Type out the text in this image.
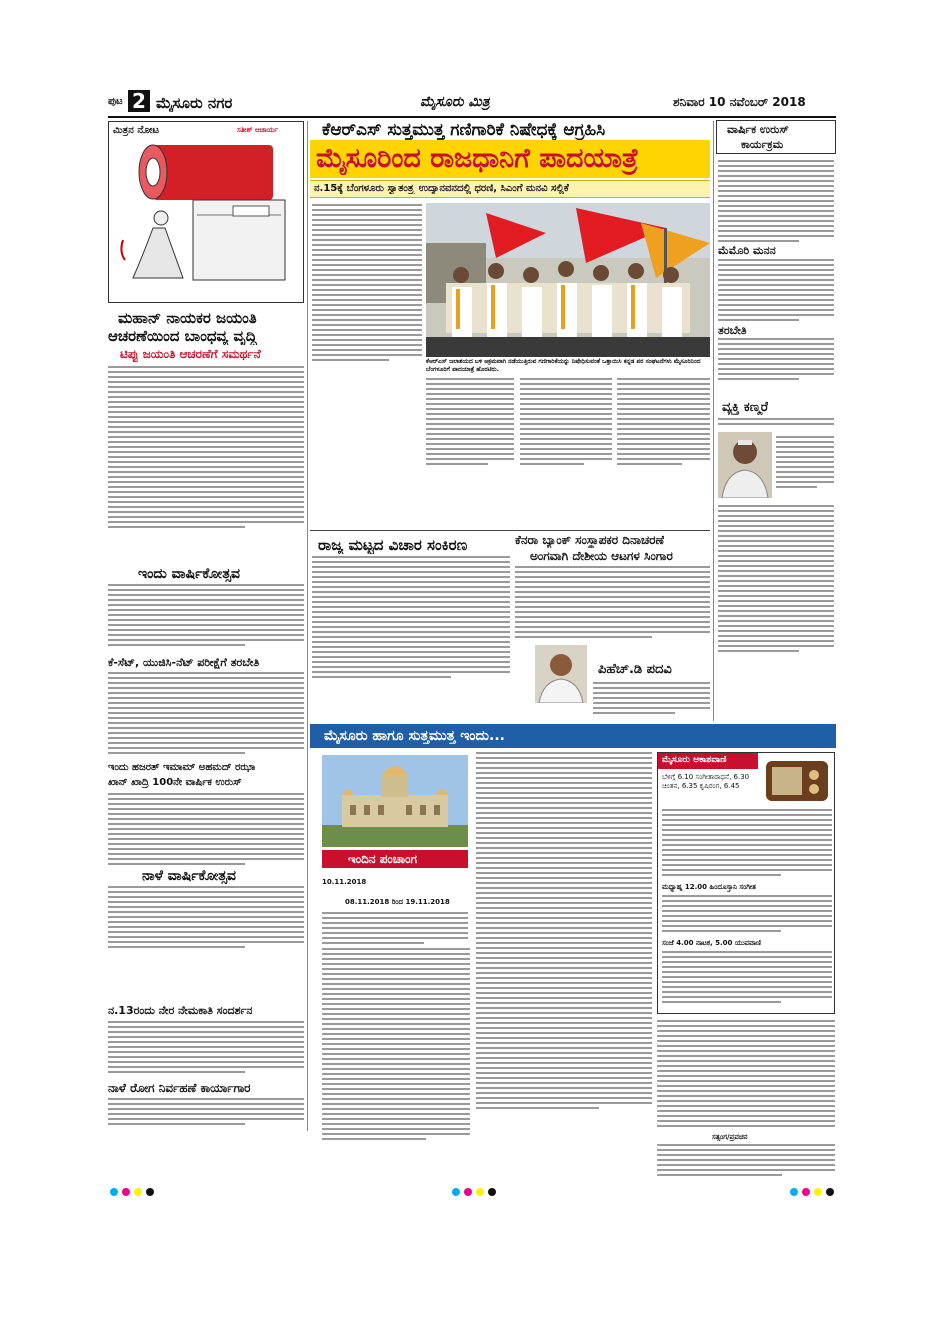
ಪುಟ 2 ಮೈಸೂರು ನಗರ	ಮೈಸೂರು ಮಿತ್ರ	ಶನಿವಾರ 10 ನವೆಂಬರ್ 2018
ಮಿತ್ರನ ನೋಟ	ಸತೀಶ್ ಆಚಾರ್ಯ
ಮಹಾನ್ ನಾಯಕರ ಜಯಂತಿ
ಆಚರಣೆಯಿಂದ ಬಾಂಧವ್ಯ ವೃದ್ಧಿ
ಟಿಪ್ಪು ಜಯಂತಿ ಆಚರಣೆಗೆ ಸಮರ್ಥನೆ
ಇಂದು ವಾರ್ಷಿಕೋತ್ಸವ
ಕೆ-ಸೆಟ್, ಯುಜಿಸಿ-ನೆಟ್ ಪರೀಕ್ಷೆಗೆ ತರಬೇತಿ
ಇಂದು ಹಜರತ್ ಇಮಾಮ್ ಅಹಮದ್ ರಝಾ
ಖಾನ್ ಖಾದ್ರಿ 100ನೇ ವಾರ್ಷಿಕ ಉರುಸ್
ನಾಳೆ ವಾರ್ಷಿಕೋತ್ಸವ
ನ.13ರಂದು ನೇರ ನೇಮಕಾತಿ ಸಂದರ್ಶನ
ನಾಳೆ ರೋಗ ನಿರ್ವಹಣೆ ಕಾರ್ಯಾಗಾರ
ಕೆಆರ್‌ಎಸ್ ಸುತ್ತಮುತ್ತ ಗಣಿಗಾರಿಕೆ ನಿಷೇಧಕ್ಕೆ ಆಗ್ರಹಿಸಿ
ಮೈಸೂರಿಂದ ರಾಜಧಾನಿಗೆ ಪಾದಯಾತ್ರೆ
ನ.15ಕ್ಕೆ ಬೆಂಗಳೂರು ಸ್ವಾತಂತ್ರ್ಯ ಉದ್ಯಾನವನದಲ್ಲಿ ಧರಣಿ, ಸಿಎಂಗೆ ಮನವಿ ಸಲ್ಲಿಕೆ
ಕೆಆರ್‌ಎಸ್ ಜಲಾಶಯದ ಬಳಿ ಅಕ್ರಮವಾಗಿ ನಡೆಯುತ್ತಿರುವ ಗಣಿಗಾರಿಕೆಯನ್ನು ನಿಷೇಧಿಸುವಂತೆ ಒತ್ತಾಯಿಸಿ ಕನ್ನಡ ಪರ ಸಂಘಟನೆಗಳು ಮೈಸೂರಿನಿಂದ ಬೆಂಗಳೂರಿಗೆ ಪಾದಯಾತ್ರೆ ಹೊರಟಿರು.
ರಾಜ್ಯ ಮಟ್ಟದ ವಿಚಾರ ಸಂಕಿರಣ	ಕೆನರಾ ಬ್ಯಾಂಕ್ ಸಂಸ್ಥಾಪಕರ ದಿನಾಚರಣೆ
ಅಂಗವಾಗಿ ದೇಶೀಯ ಆಟಗಳ ಸಿಂಗಾರ
ಪಿಹೆಚ್.ಡಿ ಪದವಿ
ವಾರ್ಷಿಕ ಉರುಸ್
ಕಾರ್ಯಕ್ರಮ
ಮೆಮೊರಿ ಮನನ
ತರಬೇತಿ
ವ್ಯಕ್ತಿ ಕಣ್ಮರೆ
ಮೈಸೂರು ಹಾಗೂ ಸುತ್ತಮುತ್ತ ಇಂದು...
ಇಂದಿನ ಪಂಚಾಂಗ
10.11.2018
08.11.2018 ರಿಂದ 19.11.2018
ಮೈಸೂರು ಆಕಾಶವಾಣಿ
ಬೆಳಿಗ್ಗೆ 6.10 ಸಂಗೀತಾರಾಧನೆ, 6.30 ಚಿಂತನ, 6.35 ಕೃಷಿರಂಗ, 6.45
ಮಧ್ಯಾಹ್ನ 12.00 ಹಿಂದೂಸ್ತಾನಿ ಸಂಗೀತ
ಸಂಜೆ 4.00 ನಾಟಕ, 5.00 ಯುವವಾಣಿ
ಸತ್ಸಂಗ/ಪ್ರವಚನ
